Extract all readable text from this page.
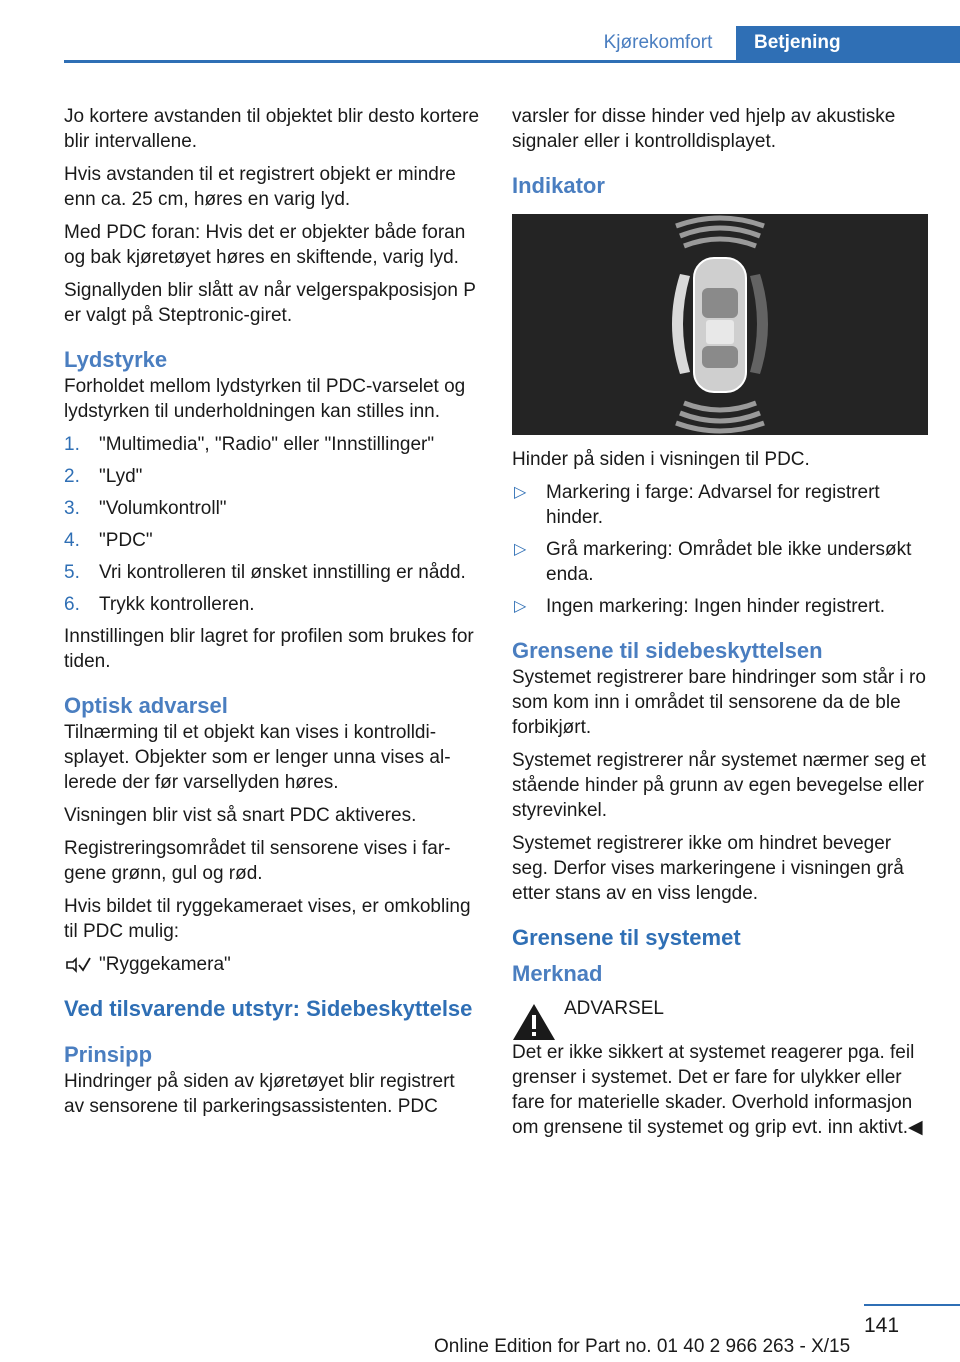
Kjørekomfort	Betjening

Jo kortere avstanden til objektet blir desto kortere blir intervallene.

Hvis avstanden til et registrert objekt er mindre enn ca. 25 cm, høres en varig lyd.

Med PDC foran: Hvis det er objekter både foran og bak kjøretøyet høres en skiftende, varig lyd.

Signallyden blir slått av når velgerspakposisjon P er valgt på Steptronic-giret.

Lydstyrke

Forholdet mellom lydstyrken til PDC-varselet og lydstyrken til underholdningen kan stilles inn.

1. "Multimedia", "Radio" eller "Innstillinger"
2. "Lyd"
3. "Volumkontroll"
4. "PDC"
5. Vri kontrolleren til ønsket innstilling er nådd.
6. Trykk kontrolleren.

Innstillingen blir lagret for profilen som brukes for tiden.

Optisk advarsel

Tilnærming til et objekt kan vises i kontrolldisplayet. Objekter som er lenger unna vises allerede der før varsellyden høres.

Visningen blir vist så snart PDC aktiveres.

Registreringsområdet til sensorene vises i fargene grønn, gul og rød.

Hvis bildet til ryggekameraet vises, er omkobling til PDC mulig:

"Ryggekamera"

Ved tilsvarende utstyr: Sidebeskyttelse
Prinsipp

Hindringer på siden av kjøretøyet blir registrert av sensorene til parkeringsassistenten. PDC

varsler for disse hinder ved hjelp av akustiske signaler eller i kontrolldisplayet.

Indikator

Hinder på siden i visningen til PDC.

▷ Markering i farge: Advarsel for registrert hinder.
▷ Grå markering: Området ble ikke undersøkt enda.
▷ Ingen markering: Ingen hinder registrert.
Grensene til sidebeskyttelsen

Systemet registrerer bare hindringer som står i ro som kom inn i området til sensorene da de ble forbikjørt.

Systemet registrerer når systemet nærmer seg et stående hinder på grunn av egen bevegelse eller styrevinkel.

Systemet registrerer ikke om hindret beveger seg. Derfor vises markeringene i visningen grå etter stans av en viss lengde.

Grensene til systemet
Merknad

ADVARSEL

Det er ikke sikkert at systemet reagerer pga. feil grenser i systemet. Det er fare for ulykker eller fare for materielle skader. Overhold informasjon om grensene til systemet og grip evt. inn aktivt.◀

141
Online Edition for Part no. 01 40 2 966 263 - X/15
